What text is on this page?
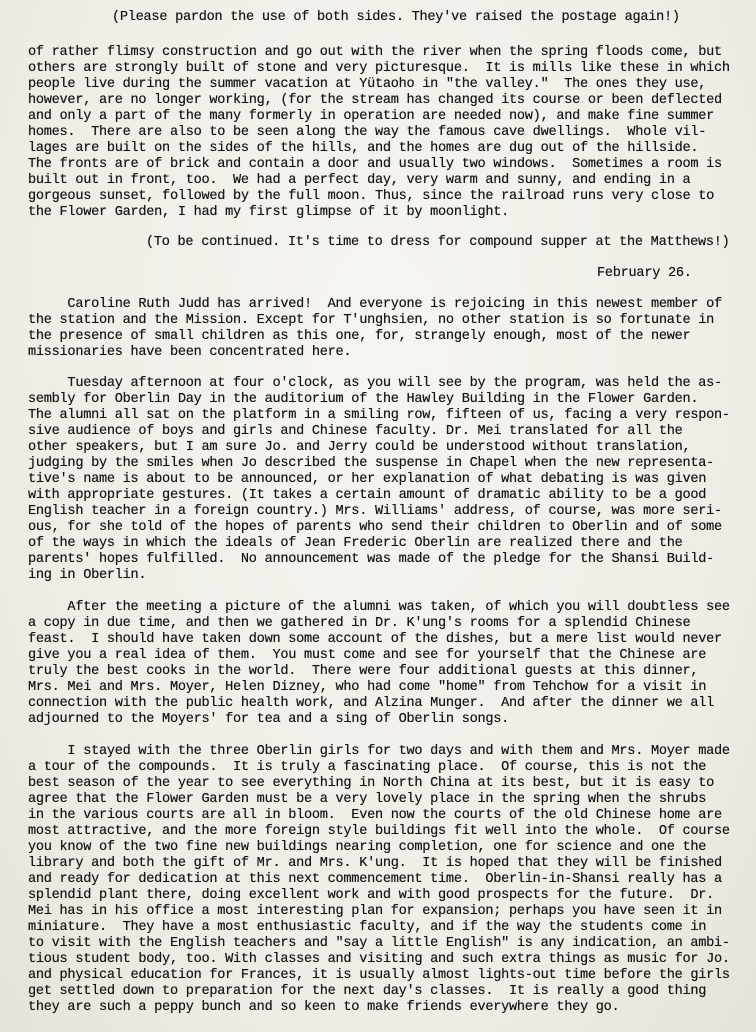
(Please pardon the use of both sides. They've raised the postage again!)
of rather flimsy construction and go out with the river when the spring floods come, but
others are strongly built of stone and very picturesque.  It is mills like these in which
people live during the summer vacation at Yütaoho in "the valley."  The ones they use,
however, are no longer working, (for the stream has changed its course or been deflected
and only a part of the many formerly in operation are needed now), and make fine summer
homes.  There are also to be seen along the way the famous cave dwellings.  Whole vil-
lages are built on the sides of the hills, and the homes are dug out of the hillside.
The fronts are of brick and contain a door and usually two windows.  Sometimes a room is
built out in front, too.  We had a perfect day, very warm and sunny, and ending in a
gorgeous sunset, followed by the full moon. Thus, since the railroad runs very close to
the Flower Garden, I had my first glimpse of it by moonlight.
(To be continued. It's time to dress for compound supper at the Matthews!)
February 26.
Caroline Ruth Judd has arrived!  And everyone is rejoicing in this newest member of
the station and the Mission. Except for T'unghsien, no other station is so fortunate in
the presence of small children as this one, for, strangely enough, most of the newer
missionaries have been concentrated here.
Tuesday afternoon at four o'clock, as you will see by the program, was held the as-
sembly for Oberlin Day in the auditorium of the Hawley Building in the Flower Garden.
The alumni all sat on the platform in a smiling row, fifteen of us, facing a very respon-
sive audience of boys and girls and Chinese faculty. Dr. Mei translated for all the
other speakers, but I am sure Jo. and Jerry could be understood without translation,
judging by the smiles when Jo described the suspense in Chapel when the new representa-
tive's name is about to be announced, or her explanation of what debating is was given
with appropriate gestures. (It takes a certain amount of dramatic ability to be a good
English teacher in a foreign country.) Mrs. Williams' address, of course, was more seri-
ous, for she told of the hopes of parents who send their children to Oberlin and of some
of the ways in which the ideals of Jean Frederic Oberlin are realized there and the
parents' hopes fulfilled.  No announcement was made of the pledge for the Shansi Build-
ing in Oberlin.
After the meeting a picture of the alumni was taken, of which you will doubtless see
a copy in due time, and then we gathered in Dr. K'ung's rooms for a splendid Chinese
feast.  I should have taken down some account of the dishes, but a mere list would never
give you a real idea of them.  You must come and see for yourself that the Chinese are
truly the best cooks in the world.  There were four additional guests at this dinner,
Mrs. Mei and Mrs. Moyer, Helen Dizney, who had come "home" from Tehchow for a visit in
connection with the public health work, and Alzina Munger.  And after the dinner we all
adjourned to the Moyers' for tea and a sing of Oberlin songs.
I stayed with the three Oberlin girls for two days and with them and Mrs. Moyer made
a tour of the compounds.  It is truly a fascinating place.  Of course, this is not the
best season of the year to see everything in North China at its best, but it is easy to
agree that the Flower Garden must be a very lovely place in the spring when the shrubs
in the various courts are all in bloom.  Even now the courts of the old Chinese home are
most attractive, and the more foreign style buildings fit well into the whole.  Of course
you know of the two fine new buildings nearing completion, one for science and one the
library and both the gift of Mr. and Mrs. K'ung.  It is hoped that they will be finished
and ready for dedication at this next commencement time.  Oberlin-in-Shansi really has a
splendid plant there, doing excellent work and with good prospects for the future.  Dr.
Mei has in his office a most interesting plan for expansion; perhaps you have seen it in
miniature.  They have a most enthusiastic faculty, and if the way the students come in
to visit with the English teachers and "say a little English" is any indication, an ambi-
tious student body, too. With classes and visiting and such extra things as music for Jo.
and physical education for Frances, it is usually almost lights-out time before the girls
get settled down to preparation for the next day's classes.  It is really a good thing
they are such a peppy bunch and so keen to make friends everywhere they go.
